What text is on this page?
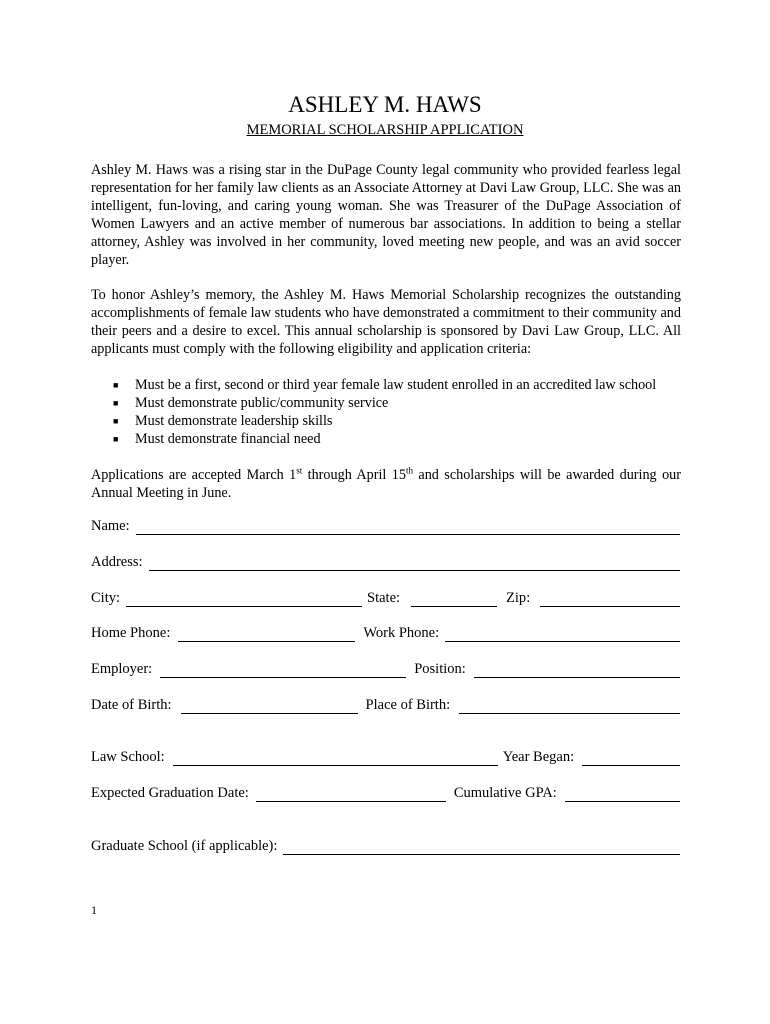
ASHLEY M. HAWS
MEMORIAL SCHOLARSHIP APPLICATION
Ashley M. Haws was a rising star in the DuPage County legal community who provided fearless legal representation for her family law clients as an Associate Attorney at Davi Law Group, LLC. She was an intelligent, fun-loving, and caring young woman. She was Treasurer of the DuPage Association of Women Lawyers and an active member of numerous bar associations. In addition to being a stellar attorney, Ashley was involved in her community, loved meeting new people, and was an avid soccer player.
To honor Ashley’s memory, the Ashley M. Haws Memorial Scholarship recognizes the outstanding accomplishments of female law students who have demonstrated a commitment to their community and their peers and a desire to excel. This annual scholarship is sponsored by Davi Law Group, LLC. All applicants must comply with the following eligibility and application criteria:
■	Must be a first, second or third year female law student enrolled in an accredited law school
■	Must demonstrate public/community service
■	Must demonstrate leadership skills
■	Must demonstrate financial need
Applications are accepted March 1st through April 15th and scholarships will be awarded during our Annual Meeting in June.
Name:
Address:
City:	State:	Zip:
Home Phone:	Work Phone:
Employer:	Position:
Date of Birth:	Place of Birth:
Law School:	Year Began:
Expected Graduation Date:	Cumulative GPA:
Graduate School (if applicable):
1
